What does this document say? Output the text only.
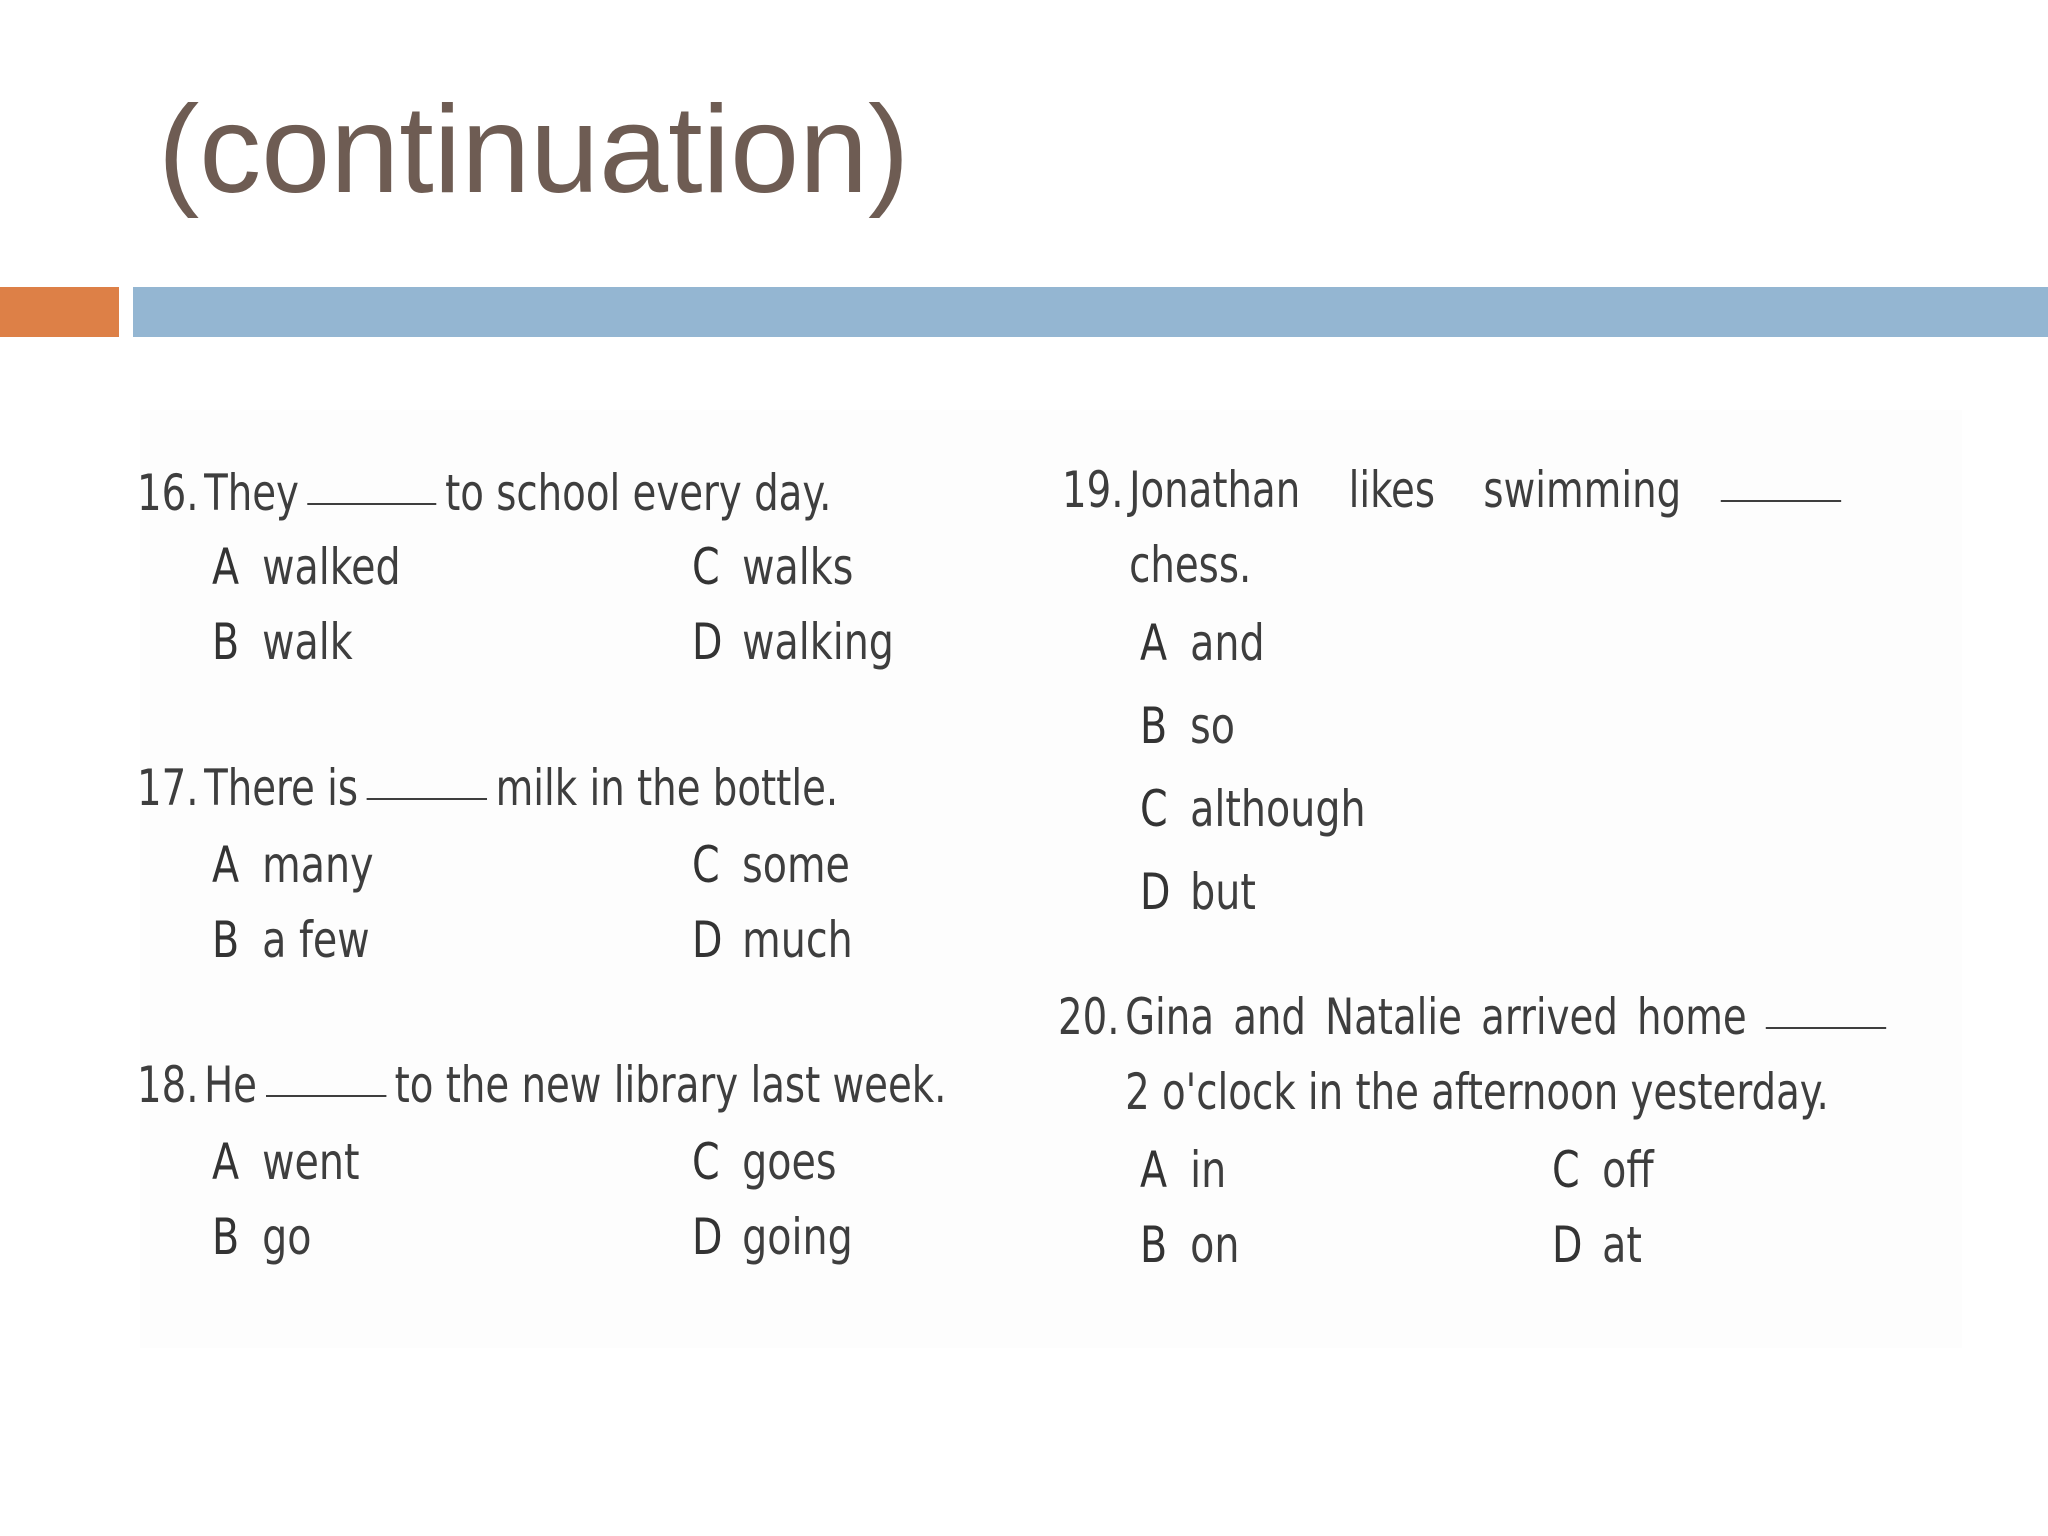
(continuation)
16. They	to school every day.
A walked	C walks
B walk	D walking
17. There is	milk in the bottle.
A many	C some
B a few	D much
18. He	to the new library last week.
A went	C goes
B go	D going
19. Jonathan likes swimming
chess.
A and
B so
C although
D but
20. Gina and Natalie arrived home
2 o'clock in the afternoon yesterday.
A in	C off
B on	D at
